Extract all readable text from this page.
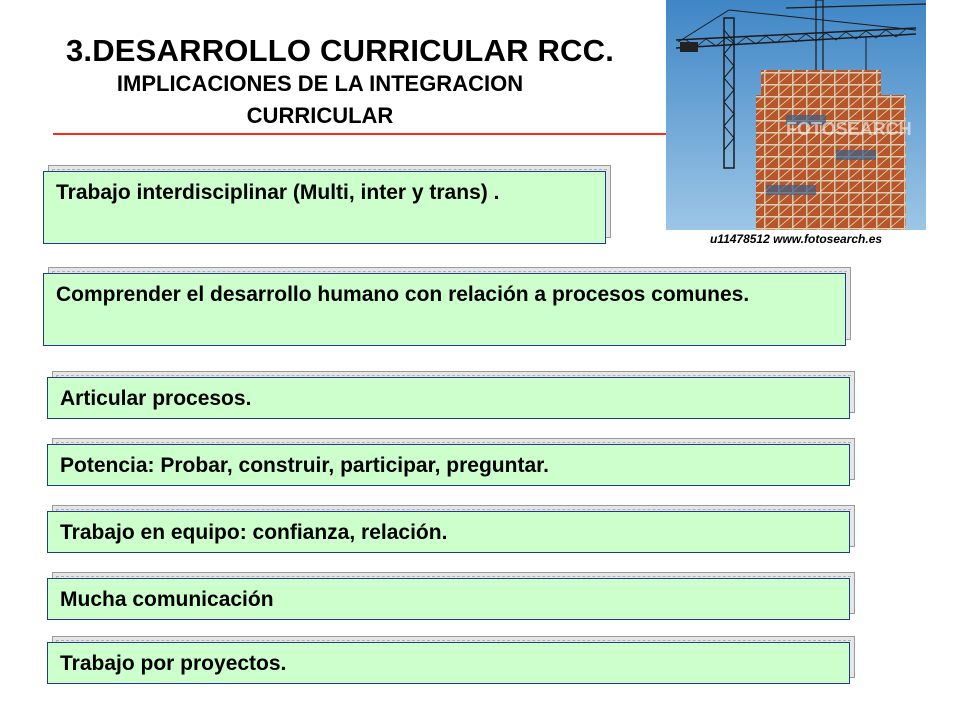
3.DESARROLLO CURRICULAR RCC.
IMPLICACIONES DE LA INTEGRACION
CURRICULAR
FOTOSEARCH
u11478512 www.fotosearch.es
Trabajo interdisciplinar (Multi, inter y trans) .
Comprender el desarrollo humano con relación a procesos comunes.
Articular procesos.
Potencia: Probar, construir, participar, preguntar.
Trabajo en equipo: confianza, relación.
Mucha comunicación
Trabajo por proyectos.
